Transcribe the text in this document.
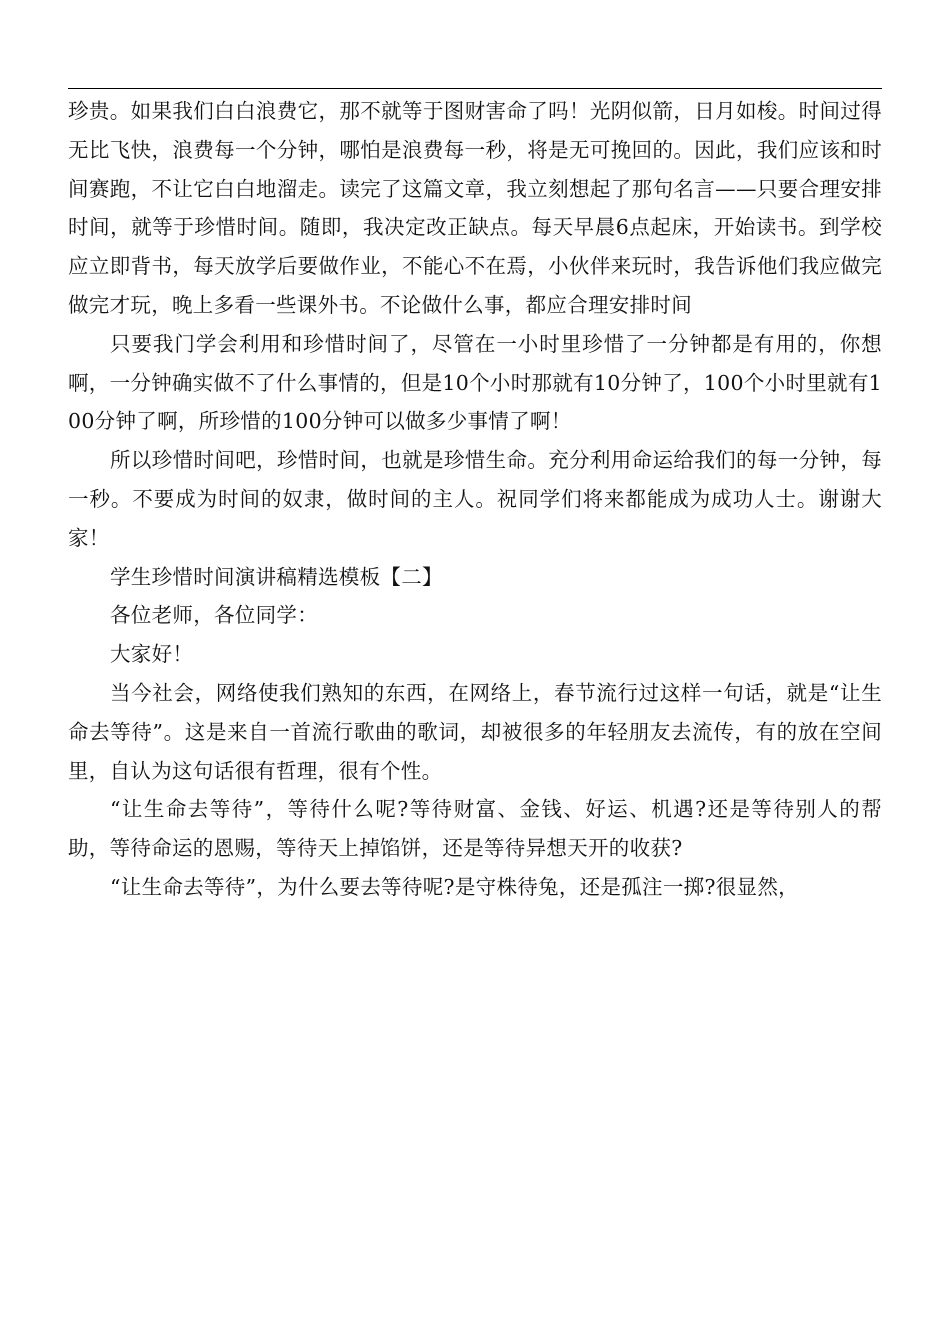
珍贵。如果我们白白浪费它，那不就等于图财害命了吗！光阴似箭，日月如梭。时间过得无比飞快，浪费每一个分钟，哪怕是浪费每一秒，将是无可挽回的。因此，我们应该和时间赛跑，不让它白白地溜走。读完了这篇文章，我立刻想起了那句名言——只要合理安排时间，就等于珍惜时间。随即，我决定改正缺点。每天早晨6点起床，开始读书。到学校应立即背书，每天放学后要做作业，不能心不在焉，小伙伴来玩时，我告诉他们我应做完做完才玩，晚上多看一些课外书。不论做什么事，都应合理安排时间

只要我门学会利用和珍惜时间了，尽管在一小时里珍惜了一分钟都是有用的，你想啊，一分钟确实做不了什么事情的，但是10个小时那就有10分钟了，100个小时里就有100分钟了啊，所珍惜的100分钟可以做多少事情了啊！

所以珍惜时间吧，珍惜时间，也就是珍惜生命。充分利用命运给我们的每一分钟，每一秒。不要成为时间的奴隶，做时间的主人。祝同学们将来都能成为成功人士。谢谢大家！

学生珍惜时间演讲稿精选模板【二】

各位老师，各位同学：

大家好！

当今社会，网络使我们熟知的东西，在网络上，春节流行过这样一句话，就是“让生命去等待”。这是来自一首流行歌曲的歌词，却被很多的年轻朋友去流传，有的放在空间里，自认为这句话很有哲理，很有个性。

“让生命去等待”，等待什么呢?等待财富、金钱、好运、机遇?还是等待别人的帮助，等待命运的恩赐，等待天上掉馅饼，还是等待异想天开的收获?

“让生命去等待”，为什么要去等待呢?是守株待兔，还是孤注一掷?很显然，
